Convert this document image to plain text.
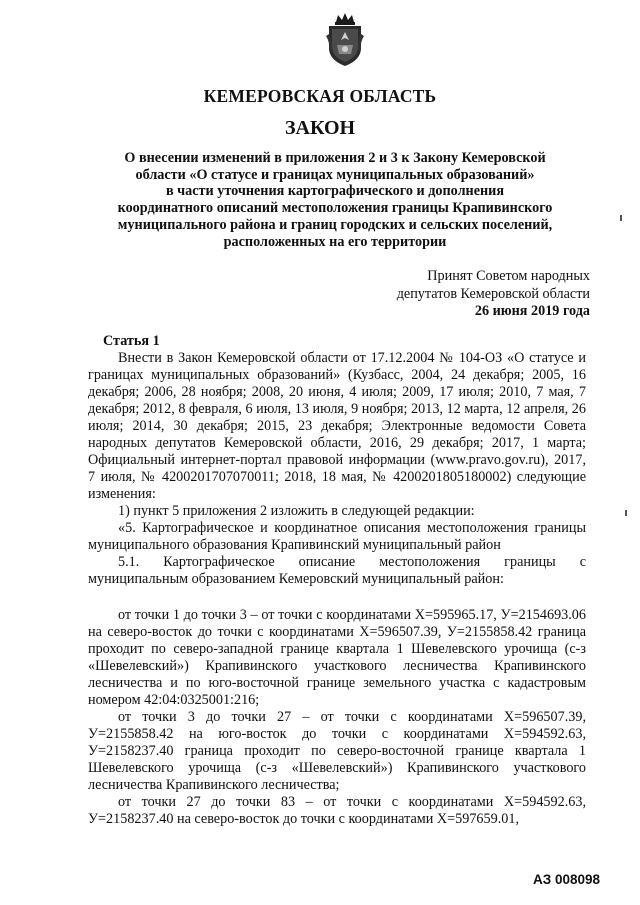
КЕМЕРОВСКАЯ ОБЛАСТЬ
ЗАКОН
О внесении изменений в приложения 2 и 3 к Закону Кемеровской
области «О статусе и границах муниципальных образований»
в части уточнения картографического и дополнения
координатного описаний местоположения границы Крапивинского
муниципального района и границ городских и сельских поселений,
расположенных на его территории
Принят Советом народных
депутатов Кемеровской области
26 июня 2019 года
Статья 1

Внести в Закон Кемеровской области от 17.12.2004 № 104-ОЗ «О статусе и границах муниципальных образований» (Кузбасс, 2004, 24 декабря; 2005, 16 декабря; 2006, 28 ноября; 2008, 20 июня, 4 июля; 2009, 17 июля; 2010, 7 мая, 7 декабря; 2012, 8 февраля, 6 июля, 13 июля, 9 ноября; 2013, 12 марта, 12 апреля, 26 июля; 2014, 30 декабря; 2015, 23 декабря; Электронные ведомости Совета народных депутатов Кемеровской области, 2016, 29 декабря; 2017, 1 марта; Официальный интернет-портал правовой информации (www.pravo.gov.ru), 2017, 7 июля, № 4200201707070011; 2018, 18 мая, № 4200201805180002) следующие изменения:

1) пункт 5 приложения 2 изложить в следующей редакции:

«5. Картографическое и координатное описания местоположения границы муниципального образования Крапивинский муниципальный район

5.1. Картографическое описание местоположения границы с муниципальным образованием Кемеровский муниципальный район:

от точки 1 до точки 3 – от точки с координатами Х=595965.17, У=2154693.06 на северо-восток до точки с координатами Х=596507.39, У=2155858.42 граница проходит по северо-западной границе квартала 1 Шевелевского урочища (с-з «Шевелевский») Крапивинского участкового лесничества Крапивинского лесничества и по юго-восточной границе земельного участка с кадастровым номером 42:04:0325001:216;

от точки 3 до точки 27 – от точки с координатами Х=596507.39, У=2155858.42 на юго-восток до точки с координатами Х=594592.63, У=2158237.40 граница проходит по северо-восточной границе квартала 1 Шевелевского урочища (с-з «Шевелевский») Крапивинского участкового лесничества Крапивинского лесничества;

от точки 27 до точки 83 – от точки с координатами Х=594592.63, У=2158237.40 на северо-восток до точки с координатами Х=597659.01,

АЗ 008098
